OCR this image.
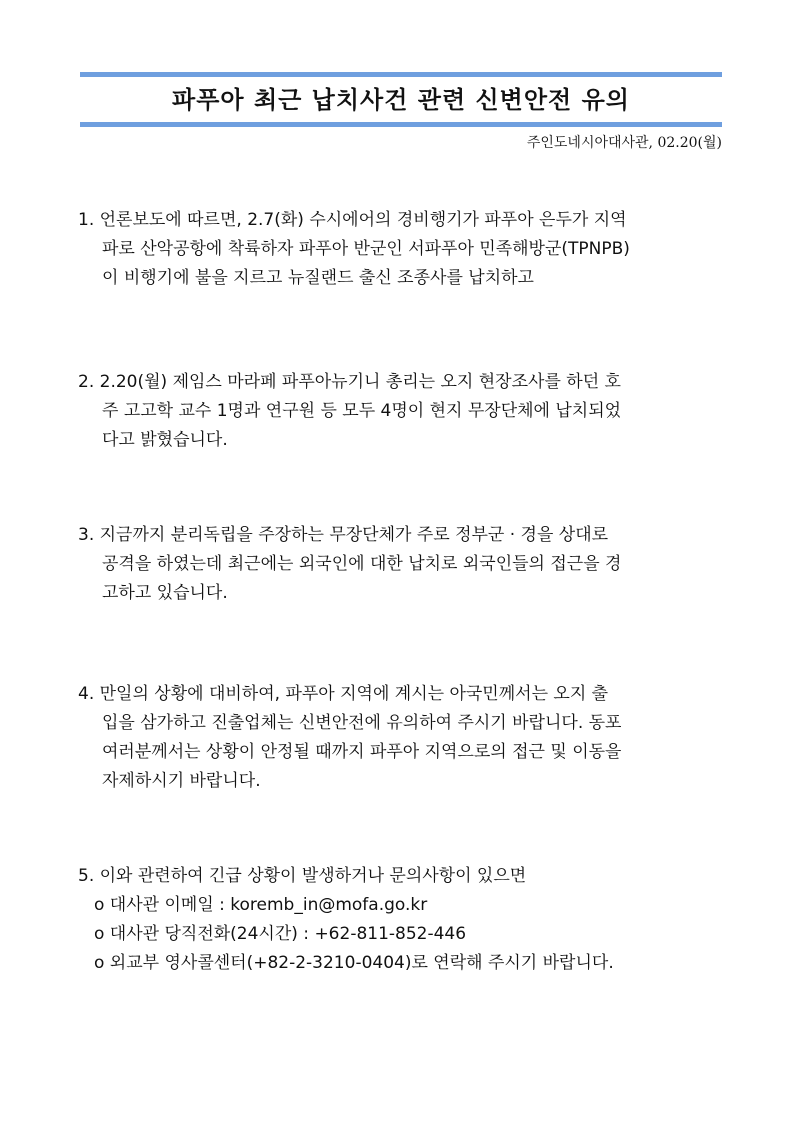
파푸아 최근 납치사건 관련 신변안전 유의
주인도네시아대사관, 02.20(월)
1. 언론보도에 따르면, 2.7(화) 수시에어의 경비행기가 파푸아 은두가 지역
파로 산악공항에 착륙하자 파푸아 반군인 서파푸아 민족해방군(TPNPB)
이 비행기에 불을 지르고 뉴질랜드 출신 조종사를 납치하고
2. 2.20(월) 제임스 마라페 파푸아뉴기니 총리는 오지 현장조사를 하던 호
주 고고학 교수 1명과 연구원 등 모두 4명이 현지 무장단체에 납치되었
다고 밝혔습니다.
3. 지금까지 분리독립을 주장하는 무장단체가 주로 정부군 · 경을 상대로
공격을 하였는데 최근에는 외국인에 대한 납치로 외국인들의 접근을 경
고하고 있습니다.
4. 만일의 상황에 대비하여, 파푸아 지역에 계시는 아국민께서는 오지 출
입을 삼가하고 진출업체는 신변안전에 유의하여 주시기 바랍니다. 동포
여러분께서는 상황이 안정될 때까지 파푸아 지역으로의 접근 및 이동을
자제하시기 바랍니다.
5. 이와 관련하여 긴급 상황이 발생하거나 문의사항이 있으면
o 대사관 이메일 : koremb_in@mofa.go.kr
o 대사관 당직전화(24시간) : +62-811-852-446
o 외교부 영사콜센터(+82-2-3210-0404)로 연락해 주시기 바랍니다.
